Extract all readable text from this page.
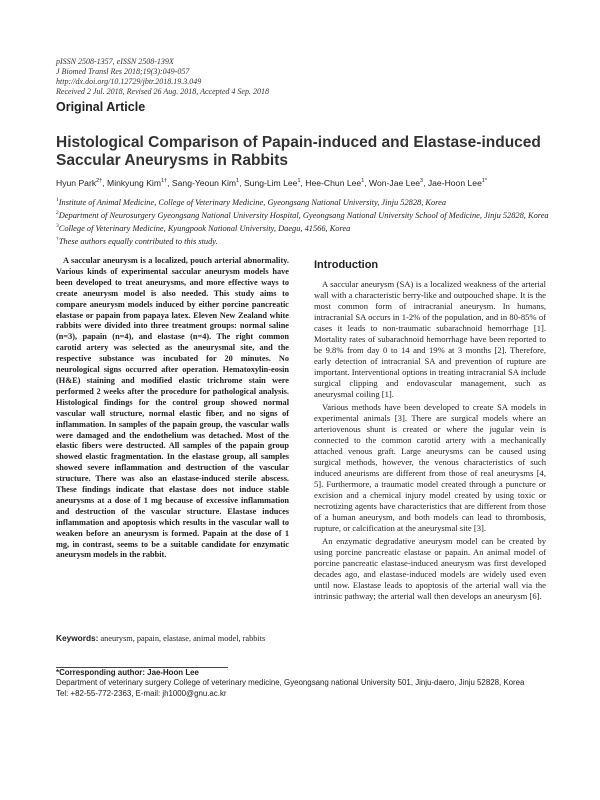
pISSN 2508-1357, eISSN 2508-139X
J Biomed Transl Res 2018;19(3):049-057
http://dx.doi.org/10.12729/jbtr.2018.19.3.049
Received 2 Jul. 2018, Revised 26 Aug. 2018, Accepted 4 Sep. 2018
Original Article
Histological Comparison of Papain-induced and Elastase-induced Saccular Aneurysms in Rabbits
Hyun Park$^{2\dagger}$, Minkyung Kim$^{1\dagger}$, Sang-Yeoun Kim$^1$, Sung-Lim Lee$^1$, Hee-Chun Lee$^1$, Won-Jae Lee$^3$, Jae-Hoon Lee$^{1*}$
$^1$Institute of Animal Medicine, College of Veterinary Medicine, Gyeongsang National University, Jinju 52828, Korea
$^2$Department of Neurosurgery Gyeongsang National University Hospital, Gyeongsang National University School of Medicine, Jinju 52828, Korea
$^3$College of Veterinary Medicine, Kyungpook National University, Daegu, 41566, Korea
†These authors equally contributed to this study.

A saccular aneurysm is a localized, pouch arterial abnormality. Various kinds of experimental saccular aneurysm models have been developed to treat aneurysms, and more effective ways to create aneurysm model is also needed. This study aims to compare aneurysm models induced by either porcine pancreatic elastase or papain from papaya latex. Eleven New Zealand white rabbits were divided into three treatment groups: normal saline (n=3), papain (n=4), and elastase (n=4). The right common carotid artery was selected as the aneurysmal site, and the respective substance was incubated for 20 minutes. No neurological signs occurred after operation. Hematoxylin-eosin (H&E) staining and modified elastic trichrome stain were performed 2 weeks after the procedure for pathological analysis. Histological findings for the control group showed normal vascular wall structure, normal elastic fiber, and no signs of inflammation. In samples of the papain group, the vascular walls were damaged and the endothelium was detached. Most of the elastic fibers were destructed. All samples of the papain group showed elastic fragmentation. In the elastase group, all samples showed severe inflammation and destruction of the vascular structure. There was also an elastase-induced sterile abscess. These findings indicate that elastase does not induce stable aneurysms at a dose of 1 mg because of excessive inflammation and destruction of the vascular structure. Elastase induces inflammation and apoptosis which results in the vascular wall to weaken before an aneurysm is formed. Papain at the dose of 1 mg, in contrast, seems to be a suitable candidate for enzymatic aneurysm models in the rabbit.

Keywords: aneurysm, papain, elastase, animal model, rabbits
Introduction

A saccular aneurysm (SA) is a localized weakness of the arterial wall with a characteristic berry-like and outpouched shape. It is the most common form of intracranial aneurysm. In humans, intracranial SA occurs in 1-2% of the population, and in 80-85% of cases it leads to non-traumatic subarachnoid hemorrhage [1]. Mortality rates of subarachnoid hemorrhage have been reported to be 9.8% from day 0 to 14 and 19% at 3 months [2]. Therefore, early detection of intracranial SA and prevention of rupture are important. Interventional options in treating intracranial SA include surgical clipping and endovascular management, such as aneurysmal coiling [1].

Various methods have been developed to create SA models in experimental animals [3]. There are surgical models where an arteriovenous shunt is created or where the jugular vein is connected to the common carotid artery with a mechanically attached venous graft. Large aneurysms can be caused using surgical methods, however, the venous characteristics of such induced aneurisms are different from those of real aneurysms [4, 5]. Furthermore, a traumatic model created through a puncture or excision and a chemical injury model created by using toxic or necrotizing agents have characteristics that are different from those of a human aneurysm, and both models can lead to thrombosis, rupture, or calcification at the aneurysmal site [3].

An enzymatic degradative aneurysm model can be created by using porcine pancreatic elastase or papain. An animal model of porcine pancreatic elastase-induced aneurysm was first developed decades ago, and elastase-induced models are widely used even until now. Elastase leads to apoptosis of the arterial wall via the intrinsic pathway; the arterial wall then develops an aneurysm [6].

*Corresponding author: Jae-Hoon Lee
Department of veterinary surgery College of veterinary medicine, Gyeongsang national University 501, Jinju-daero, Jinju 52828, Korea
Tel: +82-55-772-2363, E-mail: jh1000@gnu.ac.kr
